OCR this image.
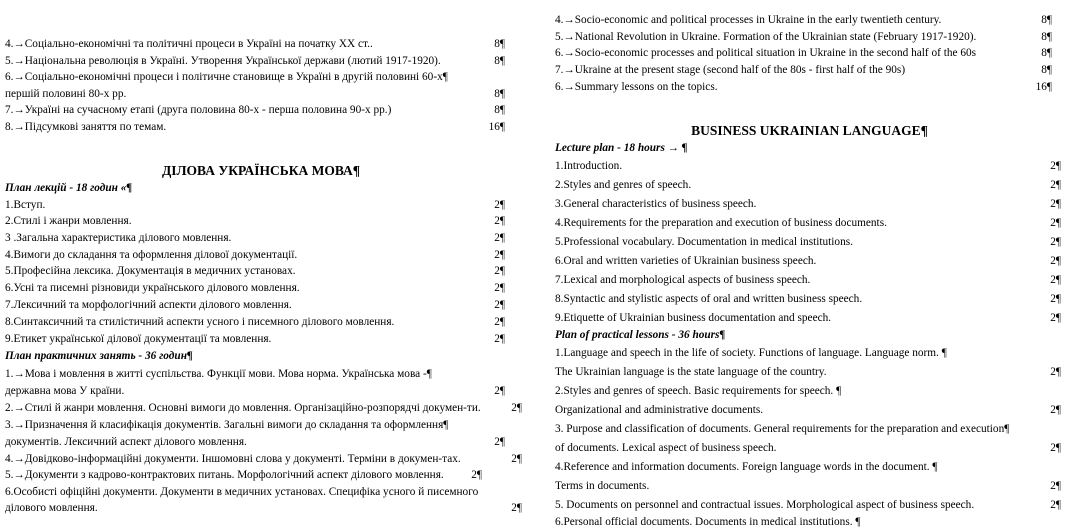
4.→Соціально-економічні та політичні процеси в Україні на початку XX ст..	8¶
5.→Національна революція в Україні. Утворення Української держави (лютий 1917-1920).	8¶
6.→Соціально-економічні процеси і політичне становище в Україні в другій половині 60-х¶
першій половині 80-х рр.	8¶
7.→Україні на сучасному етапі (друга половина 80-х - перша половина 90-х рр.)	8¶
8.→Підсумкові заняття по темам.	16¶
ДІЛОВА УКРАЇНСЬКА МОВА¶
План лекцій - 18 годин «¶
1.Вступ.	2¶
2.Стилі і жанри мовлення.	2¶
3 .Загальна характеристика ділового мовлення.	2¶
4.Вимоги до складання та оформлення ділової документації.	2¶
5.Професійна лексика. Документація в медичних установах.	2¶
6.Усні та писемні різновиди українського ділового мовлення.	2¶
7.Лексичний та морфологічний аспекти ділового мовлення.	2¶
8.Синтаксичний та стилістичний аспекти усного і писемного ділового мовлення.	2¶
9.Етикет української ділової документації та мовлення.	2¶
План практичних занять - 36 годин¶
1.→Мова і мовлення в житті суспільства. Функції мови. Мова норма. Українська мова -¶
державна мова У країни.	2¶
2.→Стилі й жанри мовлення. Основні вимоги до мовлення. Організаційно-розпорядчі докумен-ти.	2¶
3.→Призначення й класифікація документів. Загальні вимоги до складання та оформлення¶
документів. Лексичний аспект ділового мовлення.	2¶
4.→Довідково-інформаційні документи. Іншомовні слова у документі. Терміни в докумен-тах.	2¶
5.→Документи з кадрово-контрактових питань. Морфологічний аспект ділового мовлення. 2¶
6.Особисті офіційні документи. Документи в медичних установах. Специфіка усного й писемного
ділового мовлення.	2¶
4.→Socio-economic and political processes in Ukraine in the early twentieth century.	8¶
5.→National Revolution in Ukraine. Formation of the Ukrainian state (February 1917-1920).	8¶
6.→Socio-economic processes and political situation in Ukraine in the second half of the 60s	8¶
7.→Ukraine at the present stage (second half of the 80s - first half of the 90s)	8¶
6.→Summary lessons on the topics.	16¶
BUSINESS UKRAINIAN LANGUAGE¶
Lecture plan - 18 hours → ¶
1.Introduction.	2¶
2.Styles and genres of speech.	2¶
3.General characteristics of business speech.	2¶
4.Requirements for the preparation and execution of business documents.	2¶
5.Professional vocabulary. Documentation in medical institutions.	2¶
6.Oral and written varieties of Ukrainian business speech.	2¶
7.Lexical and morphological aspects of business speech.	2¶
8.Syntactic and stylistic aspects of oral and written business speech.	2¶
9.Etiquette of Ukrainian business documentation and speech.	2¶
Plan of practical lessons - 36 hours¶
1.Language and speech in the life of society. Functions of language. Language norm. ¶
The Ukrainian language is the state language of the country.	2¶
2.Styles and genres of speech. Basic requirements for speech. ¶
Organizational and administrative documents.	2¶
3. Purpose and classification of documents. General requirements for the preparation and execution¶
of documents. Lexical aspect of business speech.	2¶
4.Reference and information documents. Foreign language words in the document. ¶
Terms in documents.	2¶
5. Documents on personnel and contractual issues. Morphological aspect of business speech.	2¶
6.Personal official documents. Documents in medical institutions. ¶
